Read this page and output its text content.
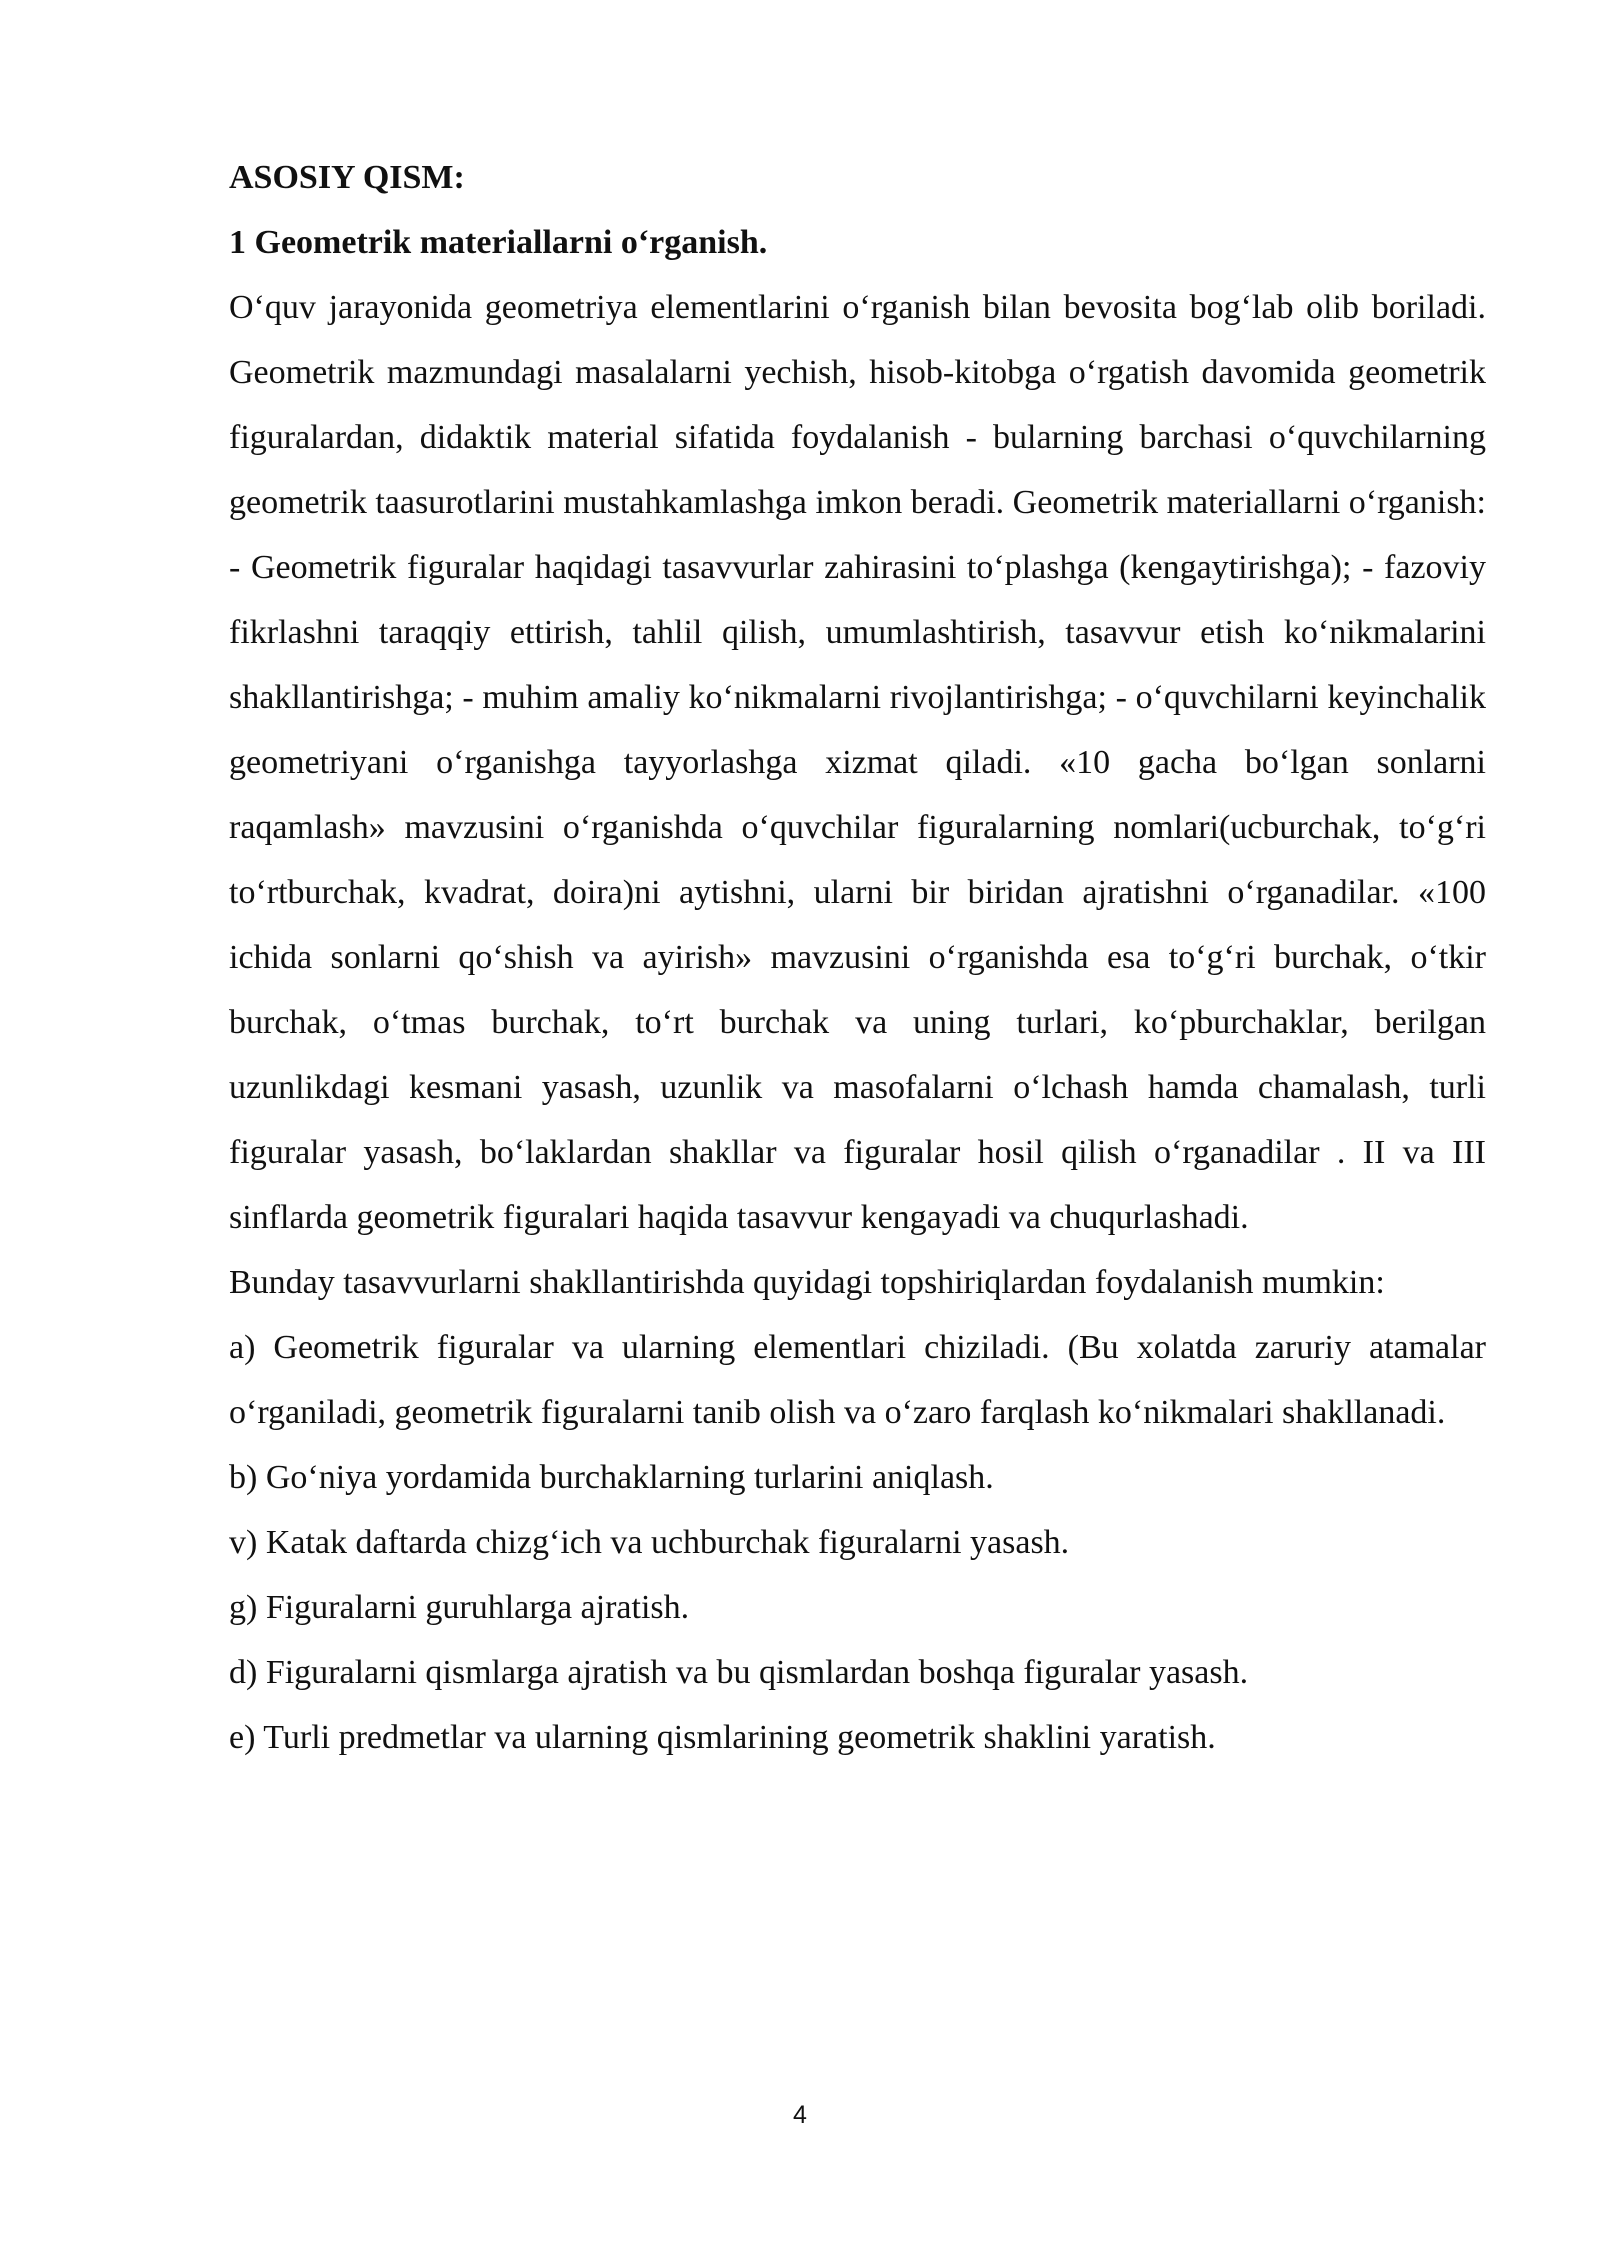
ASOSIY QISM:

1 Geometrik materiallarni o‘rganish.

O‘quv jarayonida geometriya elementlarini o‘rganish bilan bevosita bog‘lab olib boriladi. Geometrik mazmundagi masalalarni yechish, hisob-kitobga o‘rgatish davomida geometrik figuralardan, didaktik material sifatida foydalanish - bularning barchasi o‘quvchilarning geometrik taasurotlarini mustahkamlashga imkon beradi. Geometrik materiallarni o‘rganish: - Geometrik figuralar haqidagi tasavvurlar zahirasini to‘plashga (kengaytirishga); - fazoviy fikrlashni taraqqiy ettirish, tahlil qilish, umumlashtirish, tasavvur etish ko‘nikmalarini shakllantirishga; - muhim amaliy ko‘nikmalarni rivojlantirishga; - o‘quvchilarni keyinchalik geometriyani o‘rganishga tayyorlashga xizmat qiladi. «10 gacha bo‘lgan sonlarni raqamlash» mavzusini o‘rganishda o‘quvchilar figuralarning nomlari(ucburchak, to‘g‘ri to‘rtburchak, kvadrat, doira)ni aytishni, ularni bir biridan ajratishni o‘rganadilar. «100 ichida sonlarni qo‘shish va ayirish» mavzusini o‘rganishda esa to‘g‘ri burchak, o‘tkir burchak, o‘tmas burchak, to‘rt burchak va uning turlari, ko‘pburchaklar, berilgan uzunlikdagi kesmani yasash, uzunlik va masofalarni o‘lchash hamda chamalash, turli figuralar yasash, bo‘laklardan shakllar va figuralar hosil qilish o‘rganadilar . II va III sinflarda geometrik figuralari haqida tasavvur kengayadi va chuqurlashadi.

Bunday tasavvurlarni shakllantirishda quyidagi topshiriqlardan foydalanish mumkin:

a) Geometrik figuralar va ularning elementlari chiziladi. (Bu xolatda zaruriy atamalar o‘rganiladi, geometrik figuralarni tanib olish va o‘zaro farqlash ko‘nikmalari shakllanadi.

b) Go‘niya yordamida burchaklarning turlarini aniqlash.

v) Katak daftarda chizg‘ich va uchburchak figuralarni yasash.

g) Figuralarni guruhlarga ajratish.

d) Figuralarni qismlarga ajratish va bu qismlardan boshqa figuralar yasash.

e) Turli predmetlar va ularning qismlarining geometrik shaklini yaratish.

4
